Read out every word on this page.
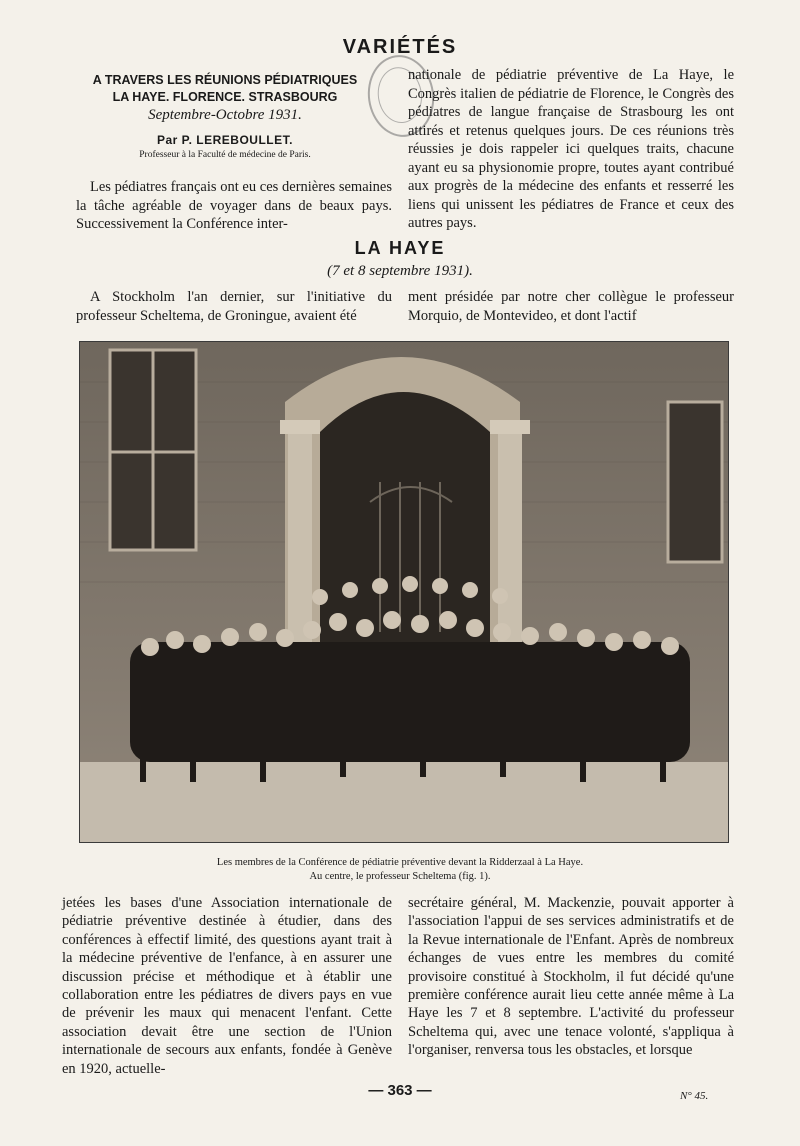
VARIÉTÉS

A TRAVERS LES RÉUNIONS PÉDIATRIQUES

LA HAYE. FLORENCE. STRASBOURG

Septembre-Octobre 1931.
Par P. LEREBOULLET.
Professeur à la Faculté de médecine de Paris.
Les pédiatres français ont eu ces dernières semaines la tâche agréable de voyager dans de beaux pays. Successivement la Conférence inter-
nationale de pédiatrie préventive de La Haye, le Congrès italien de pédiatrie de Florence, le Congrès des pédiatres de langue française de Strasbourg les ont attirés et retenus quelques jours. De ces réunions très réussies je dois rappeler ici quelques traits, chacune ayant eu sa physionomie propre, toutes ayant contribué aux progrès de la médecine des enfants et resserré les liens qui unissent les pédiatres de France et ceux des autres pays.
LA HAYE
(7 et 8 septembre 1931).
A Stockholm l'an dernier, sur l'initiative du professeur Scheltema, de Groningue, avaient été
ment présidée par notre cher collègue le professeur Morquio, de Montevideo, et dont l'actif
Les membres de la Conférence de pédiatrie préventive devant la Ridderzaal à La Haye.
Au centre, le professeur Scheltema (fig. 1).
jetées les bases d'une Association internationale de pédiatrie préventive destinée à étudier, dans des conférences à effectif limité, des questions ayant trait à la médecine préventive de l'enfance, à en assurer une discussion précise et méthodique et à établir une collaboration entre les pédiatres de divers pays en vue de prévenir les maux qui menacent l'enfant. Cette association devait être une section de l'Union internationale de secours aux enfants, fondée à Genève en 1920, actuelle-
secrétaire général, M. Mackenzie, pouvait apporter à l'association l'appui de ses services administratifs et de la Revue internationale de l'Enfant. Après de nombreux échanges de vues entre les membres du comité provisoire constitué à Stockholm, il fut décidé qu'une première conférence aurait lieu cette année même à La Haye les 7 et 8 septembre. L'activité du professeur Scheltema qui, avec une tenace volonté, s'appliqua à l'organiser, renversa tous les obstacles, et lorsque
— 363 —	N° 45.
